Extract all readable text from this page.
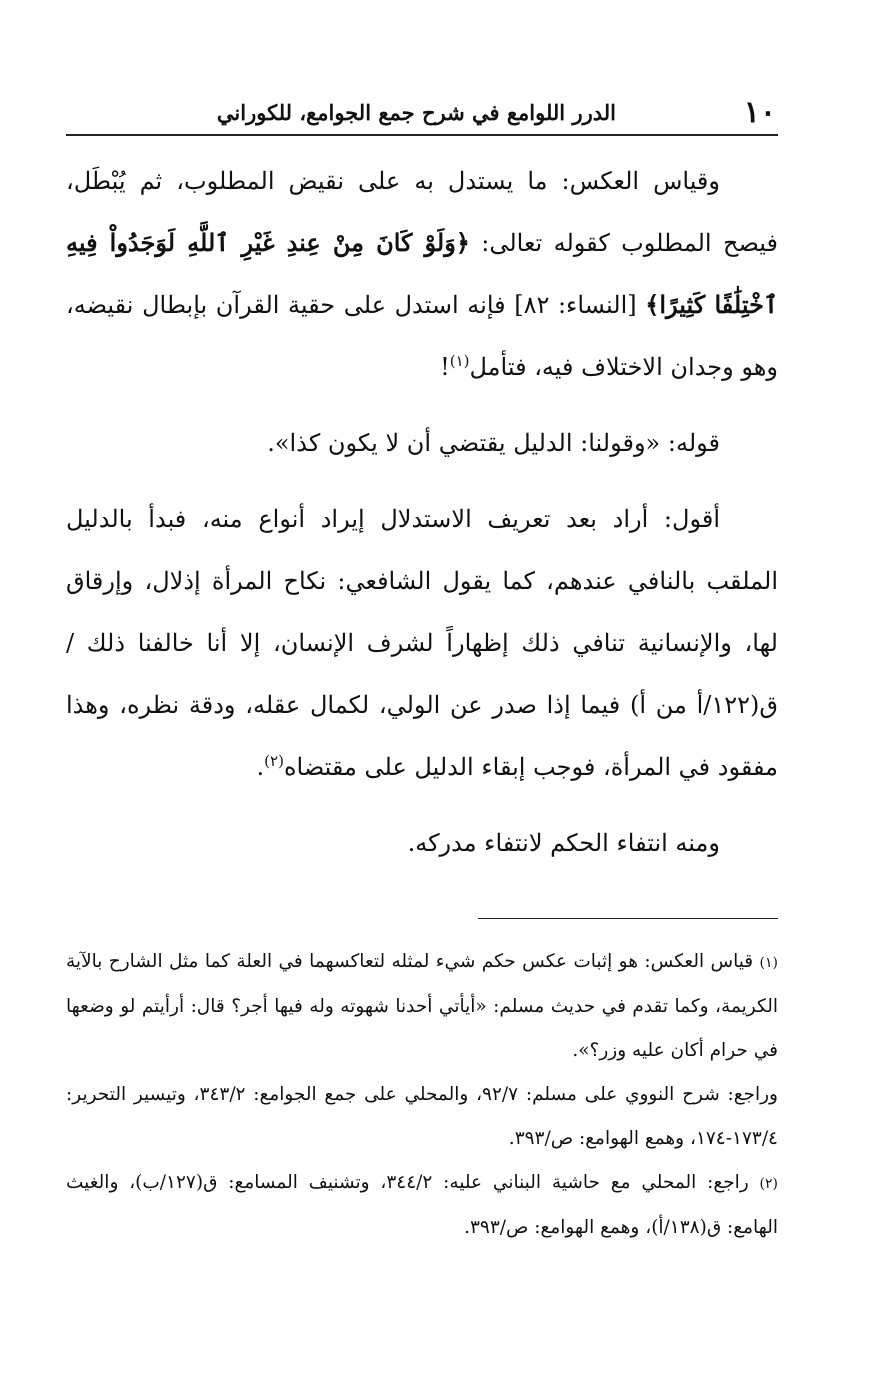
١٠
الدرر اللوامع في شرح جمع الجوامع، للكوراني

وقياس العكس: ما يستدل به على نقيض المطلوب، ثم يُبْطَل، فيصح المطلوب كقوله تعالى: ﴿وَلَوْ كَانَ مِنْ عِندِ غَيْرِ ٱللَّهِ لَوَجَدُواْ فِيهِ ٱخْتِلَٰفًا كَثِيرًا﴾ [النساء: ٨٢] فإنه استدل على حقية القرآن بإبطال نقيضه، وهو وجدان الاختلاف فيه، فتأمل$^{(١)}$!

قوله: «وقولنا: الدليل يقتضي أن لا يكون كذا».

أقول: أراد بعد تعريف الاستدلال إيراد أنواع منه، فبدأ بالدليل الملقب بالنافي عندهم، كما يقول الشافعي: نكاح المرأة إذلال، وإرقاق لها، والإنسانية تنافي ذلك إظهاراً لشرف الإنسان، إلا أنا خالفنا ذلك / ق(١٢٢/أ من أ) فيما إذا صدر عن الولي، لكمال عقله، ودقة نظره، وهذا مفقود في المرأة، فوجب إبقاء الدليل على مقتضاه$^{(٢)}$.

ومنه انتفاء الحكم لانتفاء مدركه.

(١) قياس العكس: هو إثبات عكس حكم شيء لمثله لتعاكسهما في العلة كما مثل الشارح بالآية الكريمة، وكما تقدم في حديث مسلم: «أيأتي أحدنا شهوته وله فيها أجر؟ قال: أرأيتم لو وضعها في حرام أكان عليه وزر؟».

وراجع: شرح النووي على مسلم: ٩٢/٧، والمحلي على جمع الجوامع: ٣٤٣/٢، وتيسير التحرير: ١٧٣/٤-١٧٤، وهمع الهوامع: ص/٣٩٣.

(٢) راجع: المحلي مع حاشية البناني عليه: ٣٤٤/٢، وتشنيف المسامع: ق(١٢٧/ب)، والغيث الهامع: ق(١٣٨/أ)، وهمع الهوامع: ص/٣٩٣.
